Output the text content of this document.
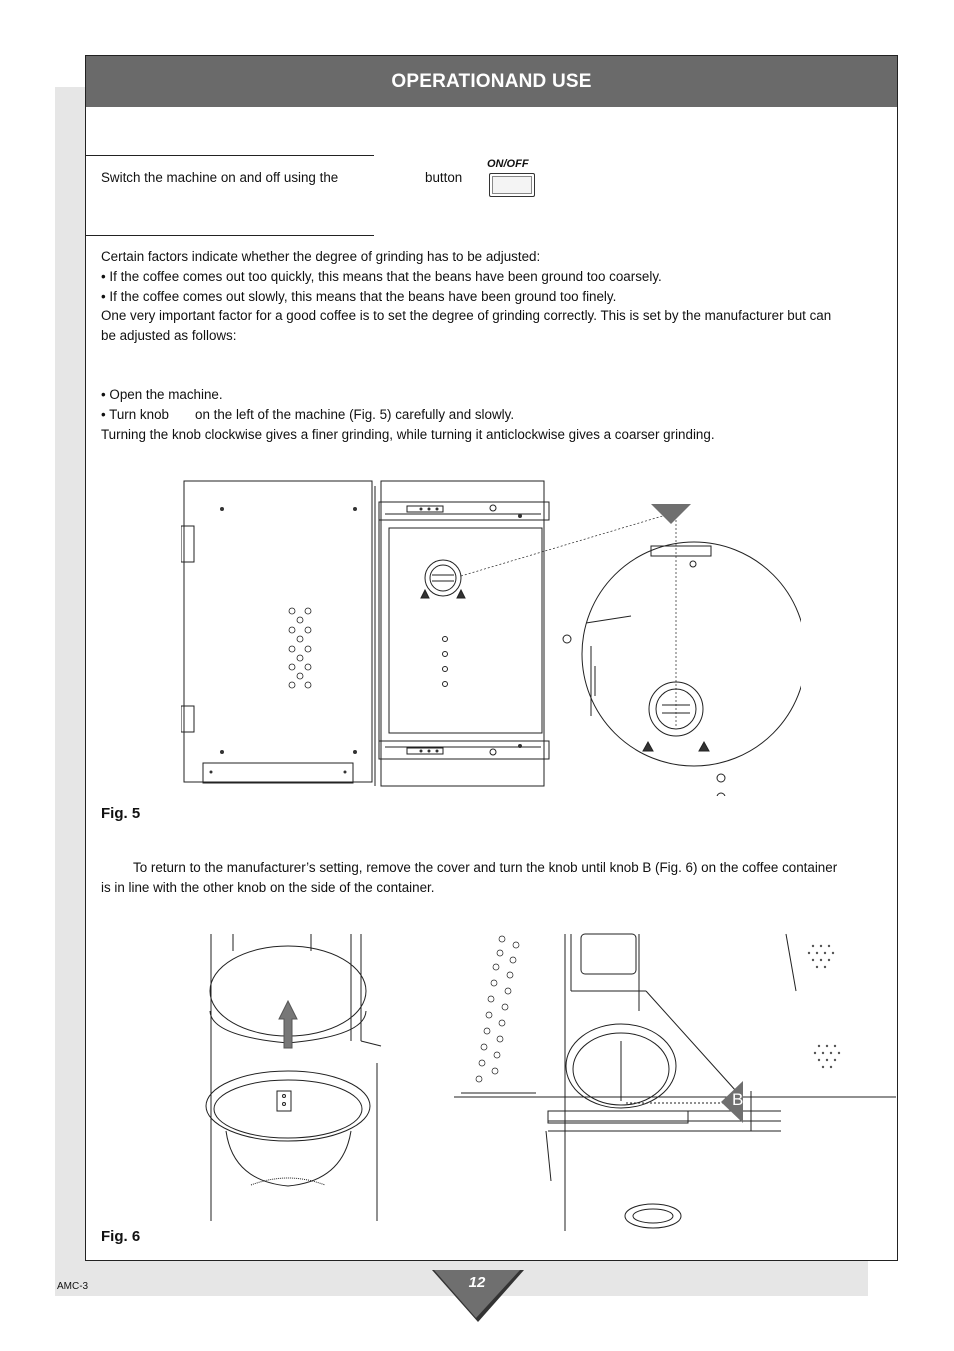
OPERATIONAND USE
Switch the machine on and off using the	button
ON/OFF
Certain factors indicate whether the degree of grinding has to be adjusted:
• If the coffee comes out too quickly, this means that the beans have been ground too coarsely.
• If the coffee comes out slowly, this means that the beans have been ground too finely.
One very important factor for a good coffee is to set the degree of grinding correctly. This is set by the manufacturer but can
be adjusted as follows:
• Open the machine.
• Turn knob on the left of the machine (Fig. 5) carefully and slowly.
Turning the knob clockwise gives a finer grinding, while turning it anticlockwise gives a coarser grinding.
A
Fig. 5
To return to the manufacturer’s setting, remove the cover and turn the knob until knob B (Fig. 6) on the coffee container
is in line with the other knob on the side of the container.
B
Fig. 6
AMC-3	12
